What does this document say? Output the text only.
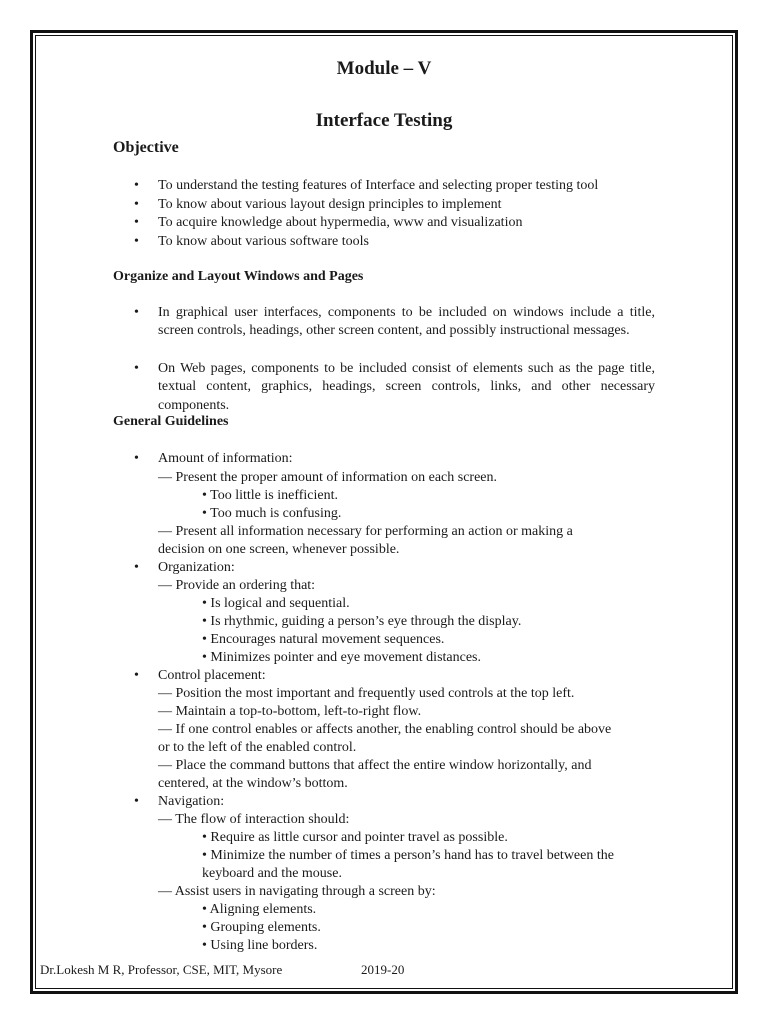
Module – V

Interface Testing

Objective

• To understand the testing features of Interface and selecting proper testing tool

• To know about various layout design principles to implement

• To acquire knowledge about hypermedia, www and visualization

• To know about various software tools

Organize and Layout Windows and Pages

• In graphical user interfaces, components to be included on windows include a title, screen controls, headings, other screen content, and possibly instructional messages.

• On Web pages, components to be included consist of elements such as the page title, textual content, graphics, headings, screen controls, links, and other necessary components.

General Guidelines

• Amount of information:

— Present the proper amount of information on each screen.

• Too little is inefficient.

• Too much is confusing.

— Present all information necessary for performing an action or making a

decision on one screen, whenever possible.

• Organization:

— Provide an ordering that:

• Is logical and sequential.

• Is rhythmic, guiding a person’s eye through the display.

• Encourages natural movement sequences.

• Minimizes pointer and eye movement distances.

• Control placement:

— Position the most important and frequently used controls at the top left.

— Maintain a top-to-bottom, left-to-right flow.

— If one control enables or affects another, the enabling control should be above

or to the left of the enabled control.

— Place the command buttons that affect the entire window horizontally, and

centered, at the window’s bottom.

• Navigation:

— The flow of interaction should:

• Require as little cursor and pointer travel as possible.

• Minimize the number of times a person’s hand has to travel between the

keyboard and the mouse.

— Assist users in navigating through a screen by:

• Aligning elements.

• Grouping elements.

• Using line borders.

Dr.Lokesh M R, Professor, CSE, MIT, Mysore	2019-20
